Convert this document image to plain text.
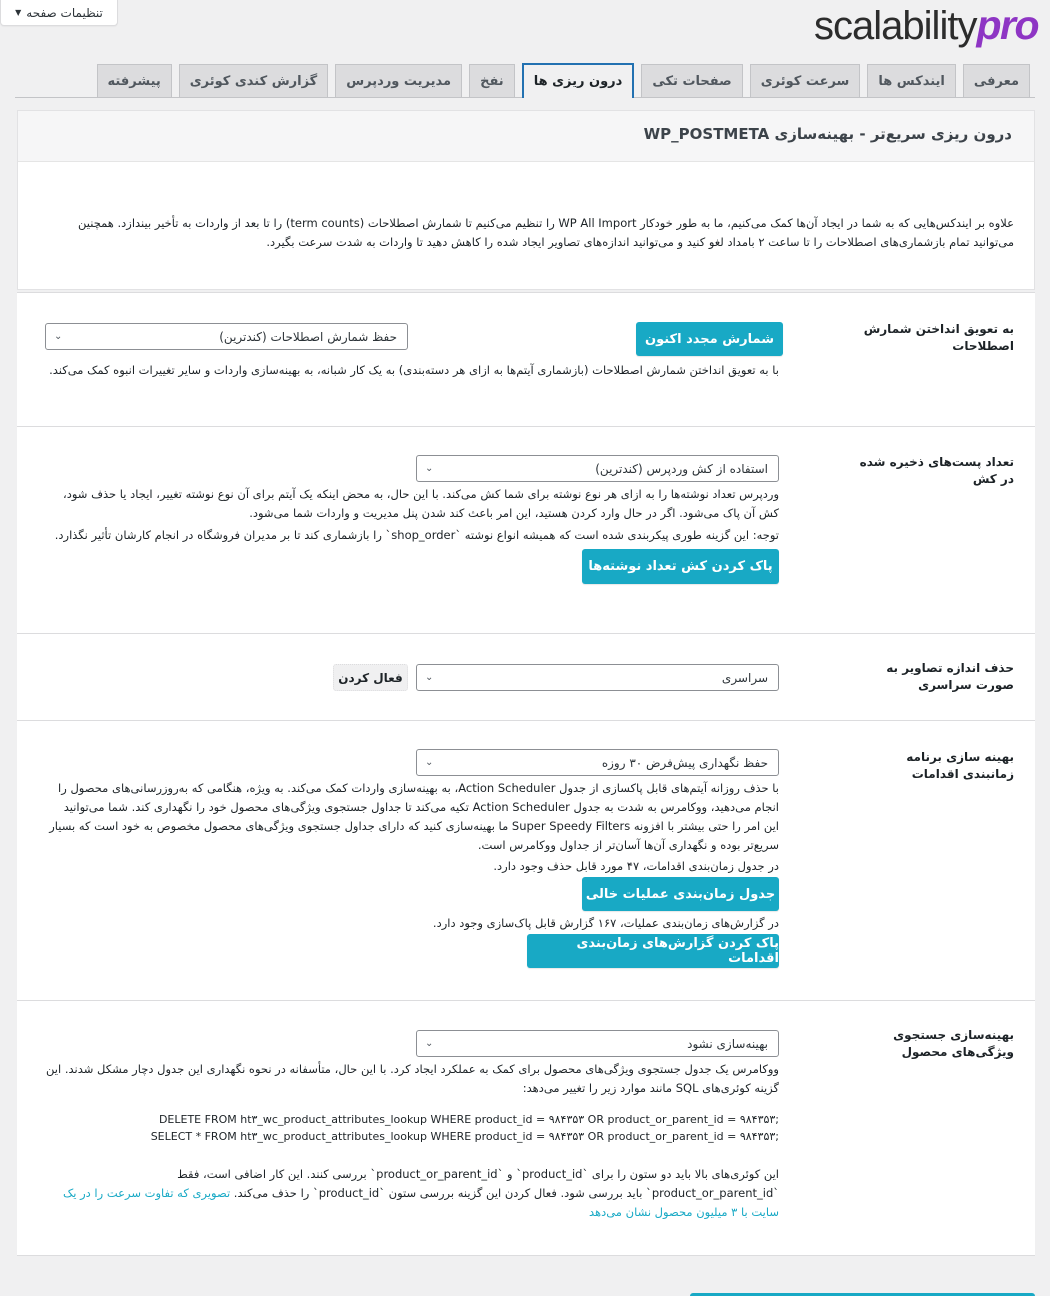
تنظیمات صفحه
▼	scalabilitypro
معرفی
ایندکس ها
سرعت کوئری
صفحات تکی
درون ریزی ها
نفخ
مدیریت وردپرس
گزارش کندی کوئری
پیشرفته
درون ریزی سریع‌تر - بهینه‌سازی WP_POSTMETA

علاوه بر ایندکس‌هایی که به شما در ایجاد آن‌ها کمک می‌کنیم، ما به طور خودکار WP All Import را تنظیم می‌کنیم تا شمارش اصطلاحات (term counts) را تا بعد از واردات به تأخیر بیندازد. همچنین می‌توانید تمام بازشماری‌های اصطلاحات را تا ساعت ۲ بامداد لغو کنید و می‌توانید اندازه‌های تصاویر ایجاد شده را کاهش دهید تا واردات به شدت سرعت بگیرد.

به تعویق انداختن شمارش اصطلاحات
شمارش مجدد اکنون
حفظ شمارش اصطلاحات (کندترین)
⌄
با به تعویق انداختن شمارش اصطلاحات (بازشماری آیتم‌ها به ازای هر دسته‌بندی) به یک کار شبانه، به بهینه‌سازی واردات و سایر تغییرات انبوه کمک می‌کند.
تعداد پست‌های ذخیره شده در کش
استفاده از کش وردپرس (کندترین)
⌄
وردپرس تعداد نوشته‌ها را به ازای هر نوع نوشته برای شما کش می‌کند. با این حال، به محض اینکه یک آیتم برای آن نوع نوشته تغییر، ایجاد یا حذف شود، کش آن پاک می‌شود. اگر در حال وارد کردن هستید، این امر باعث کند شدن پنل مدیریت و واردات شما می‌شود.
توجه: این گزینه طوری پیکربندی شده است که همیشه انواع نوشته `shop_order` را بازشماری کند تا بر مدیران فروشگاه در انجام کارشان تأثیر نگذارد.
پاک کردن کش تعداد نوشته‌ها
حذف اندازه تصاویر به صورت سراسری
سراسری
⌄
فعال کردن
بهینه سازی برنامه زمانبندی اقدامات
حفظ نگهداری پیش‌فرض ۳۰ روزه
⌄
با حذف روزانه آیتم‌های قابل پاکسازی از جدول Action Scheduler، به بهینه‌سازی واردات کمک می‌کند. به ویژه، هنگامی که به‌روزرسانی‌های محصول را انجام می‌دهید، ووکامرس به شدت به جدول Action Scheduler تکیه می‌کند تا جداول جستجوی ویژگی‌های محصول خود را نگهداری کند. شما می‌توانید این امر را حتی بیشتر با افزونه Super Speedy Filters ما بهینه‌سازی کنید که دارای جداول جستجوی ویژگی‌های محصول مخصوص به خود است که بسیار سریع‌تر بوده و نگهداری آن‌ها آسان‌تر از جداول ووکامرس است.
در جدول زمان‌بندی اقدامات، ۴۷ مورد قابل حذف وجود دارد.
جدول زمان‌بندی عملیات خالی
در گزارش‌های زمان‌بندی عملیات، ۱۶۷ گزارش قابل پاک‌سازی وجود دارد.
پاک کردن گزارش‌های زمان‌بندی اقدامات
بهینه‌سازی جستجوی ویژگی‌های محصول
بهینه‌سازی نشود
⌄
ووکامرس یک جدول جستجوی ویژگی‌های محصول برای کمک به عملکرد ایجاد کرد. با این حال، متأسفانه در نحوه نگهداری این جدول دچار مشکل شدند. این گزینه کوئری‌های SQL مانند موارد زیر را تغییر می‌دهد:
DELETE FROM ht۳_wc_product_attributes_lookup WHERE product_id = ۹۸۴۳۵۳ OR product_or_parent_id = ۹۸۴۳۵۳;
SELECT * FROM ht۳_wc_product_attributes_lookup WHERE product_id = ۹۸۴۳۵۳ OR product_or_parent_id = ۹۸۴۳۵۳;
این کوئری‌های بالا باید دو ستون را برای `product_id` و `product_or_parent_id` بررسی کنند. این کار اضافی است، فقط `product_or_parent_id` باید بررسی شود. فعال کردن این گزینه بررسی ستون `product_id` را حذف می‌کند. تصویری که تفاوت سرعت را در یک سایت با ۳ میلیون محصول نشان می‌دهد
